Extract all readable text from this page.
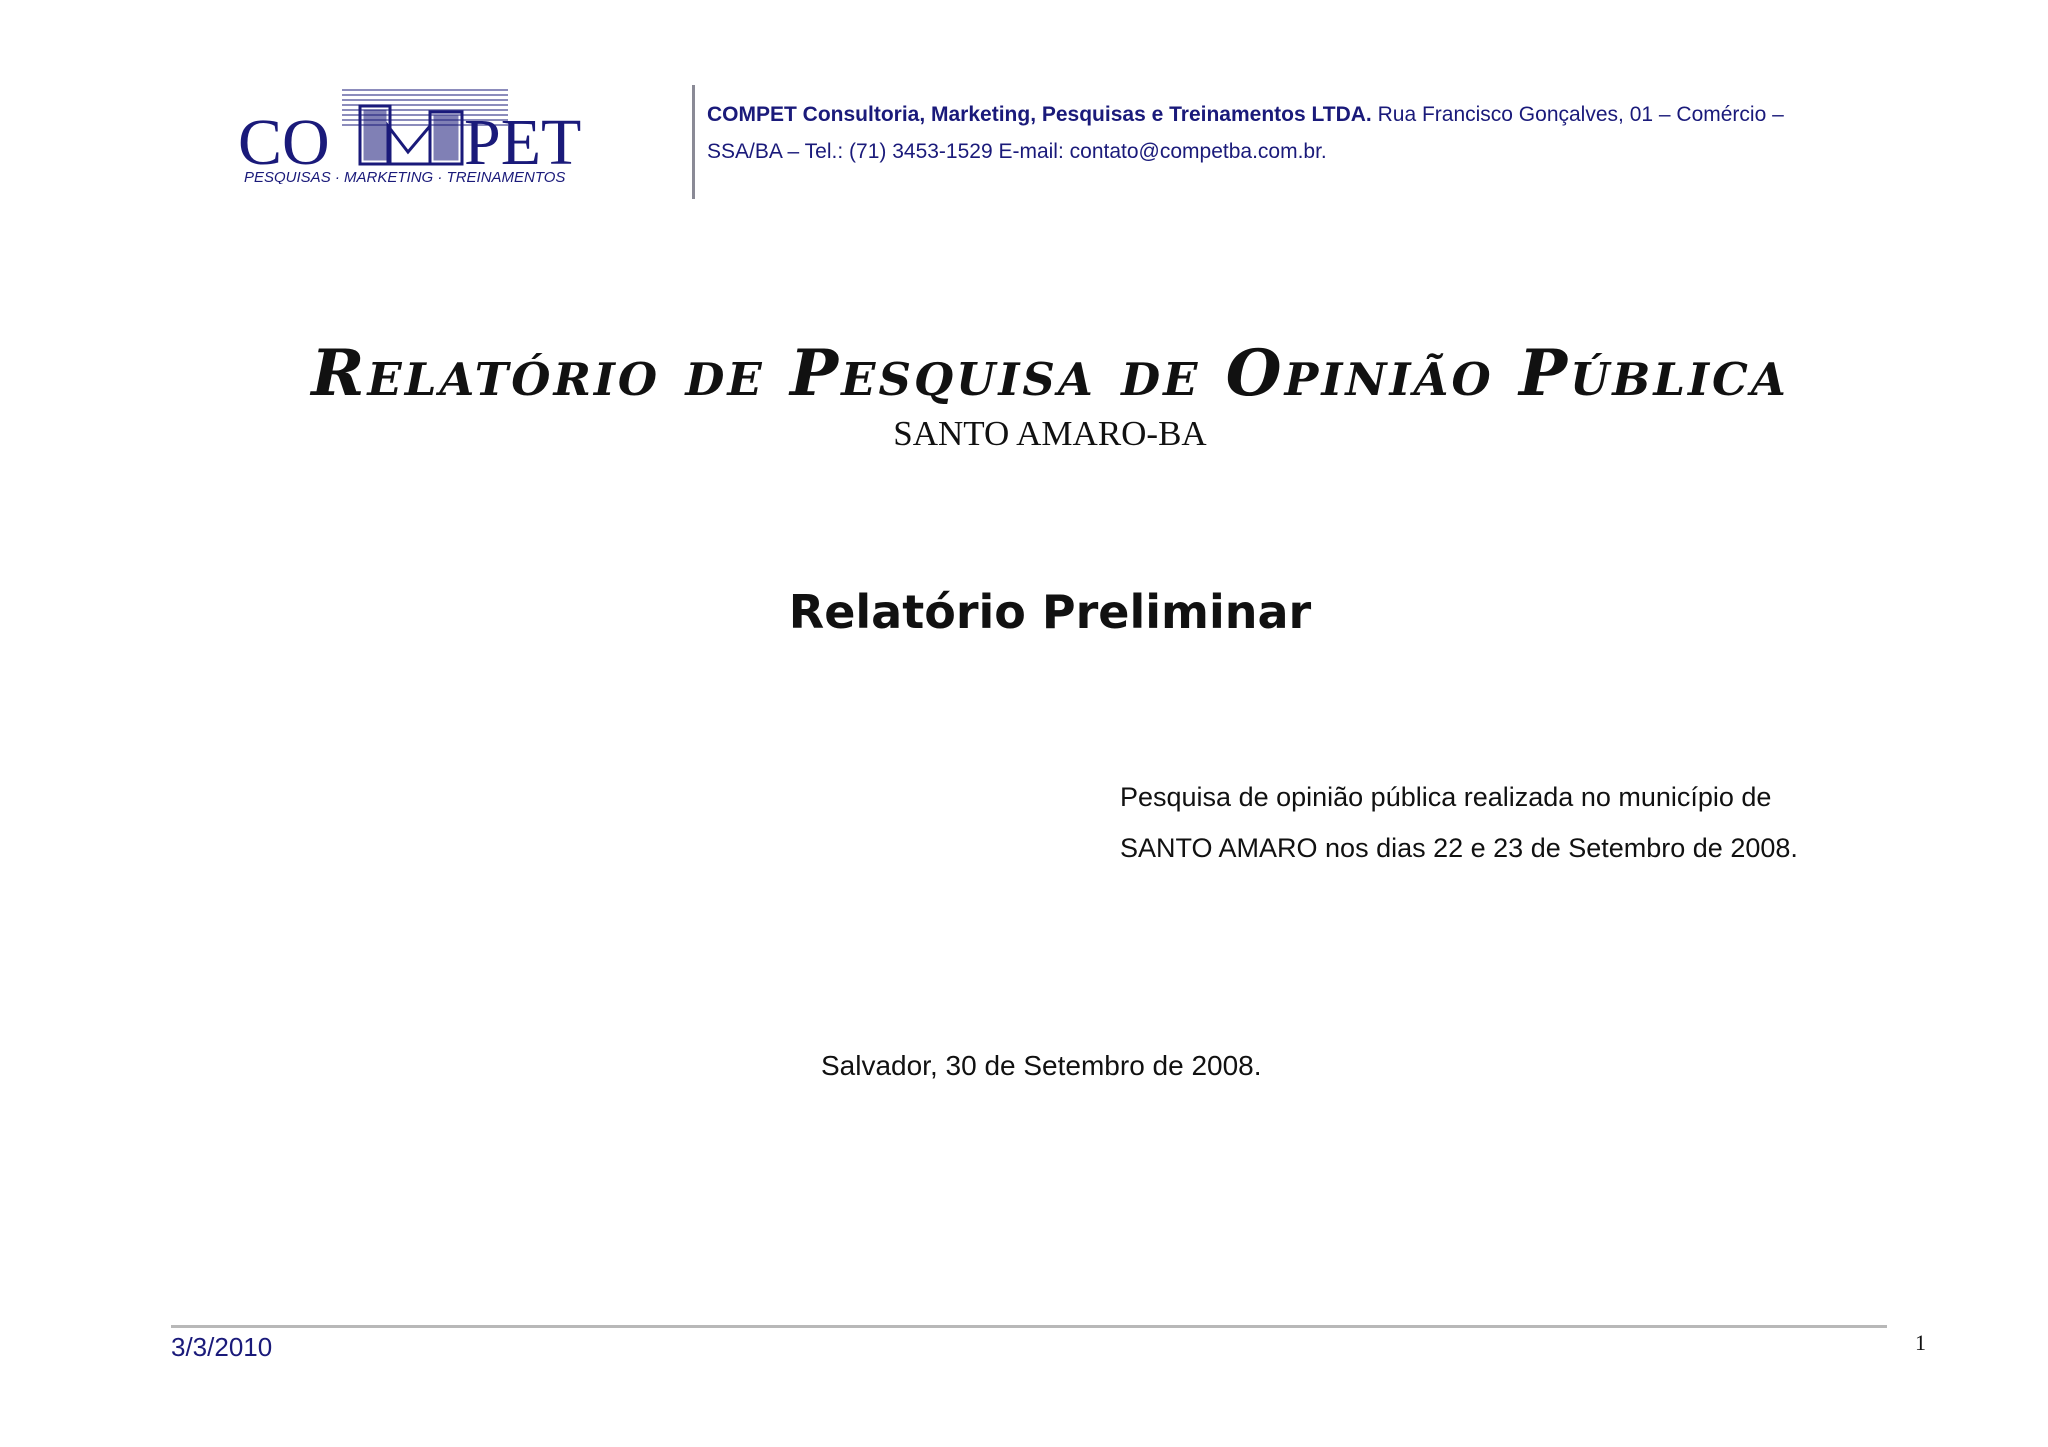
CO PET
PESQUISAS · MARKETING · TREINAMENTOS
COMPET Consultoria, Marketing, Pesquisas e Treinamentos LTDA. Rua Francisco Gonçalves, 01 – Comércio –
SSA/BA – Tel.: (71) 3453-1529 E-mail: contato@competba.com.br.
Relatório de Pesquisa de Opinião Pública
SANTO AMARO-BA
Relatório Preliminar
Pesquisa de opinião pública realizada no município de
SANTO AMARO nos dias 22 e 23 de Setembro de 2008.
Salvador, 30 de Setembro de 2008.
3/3/2010	1
